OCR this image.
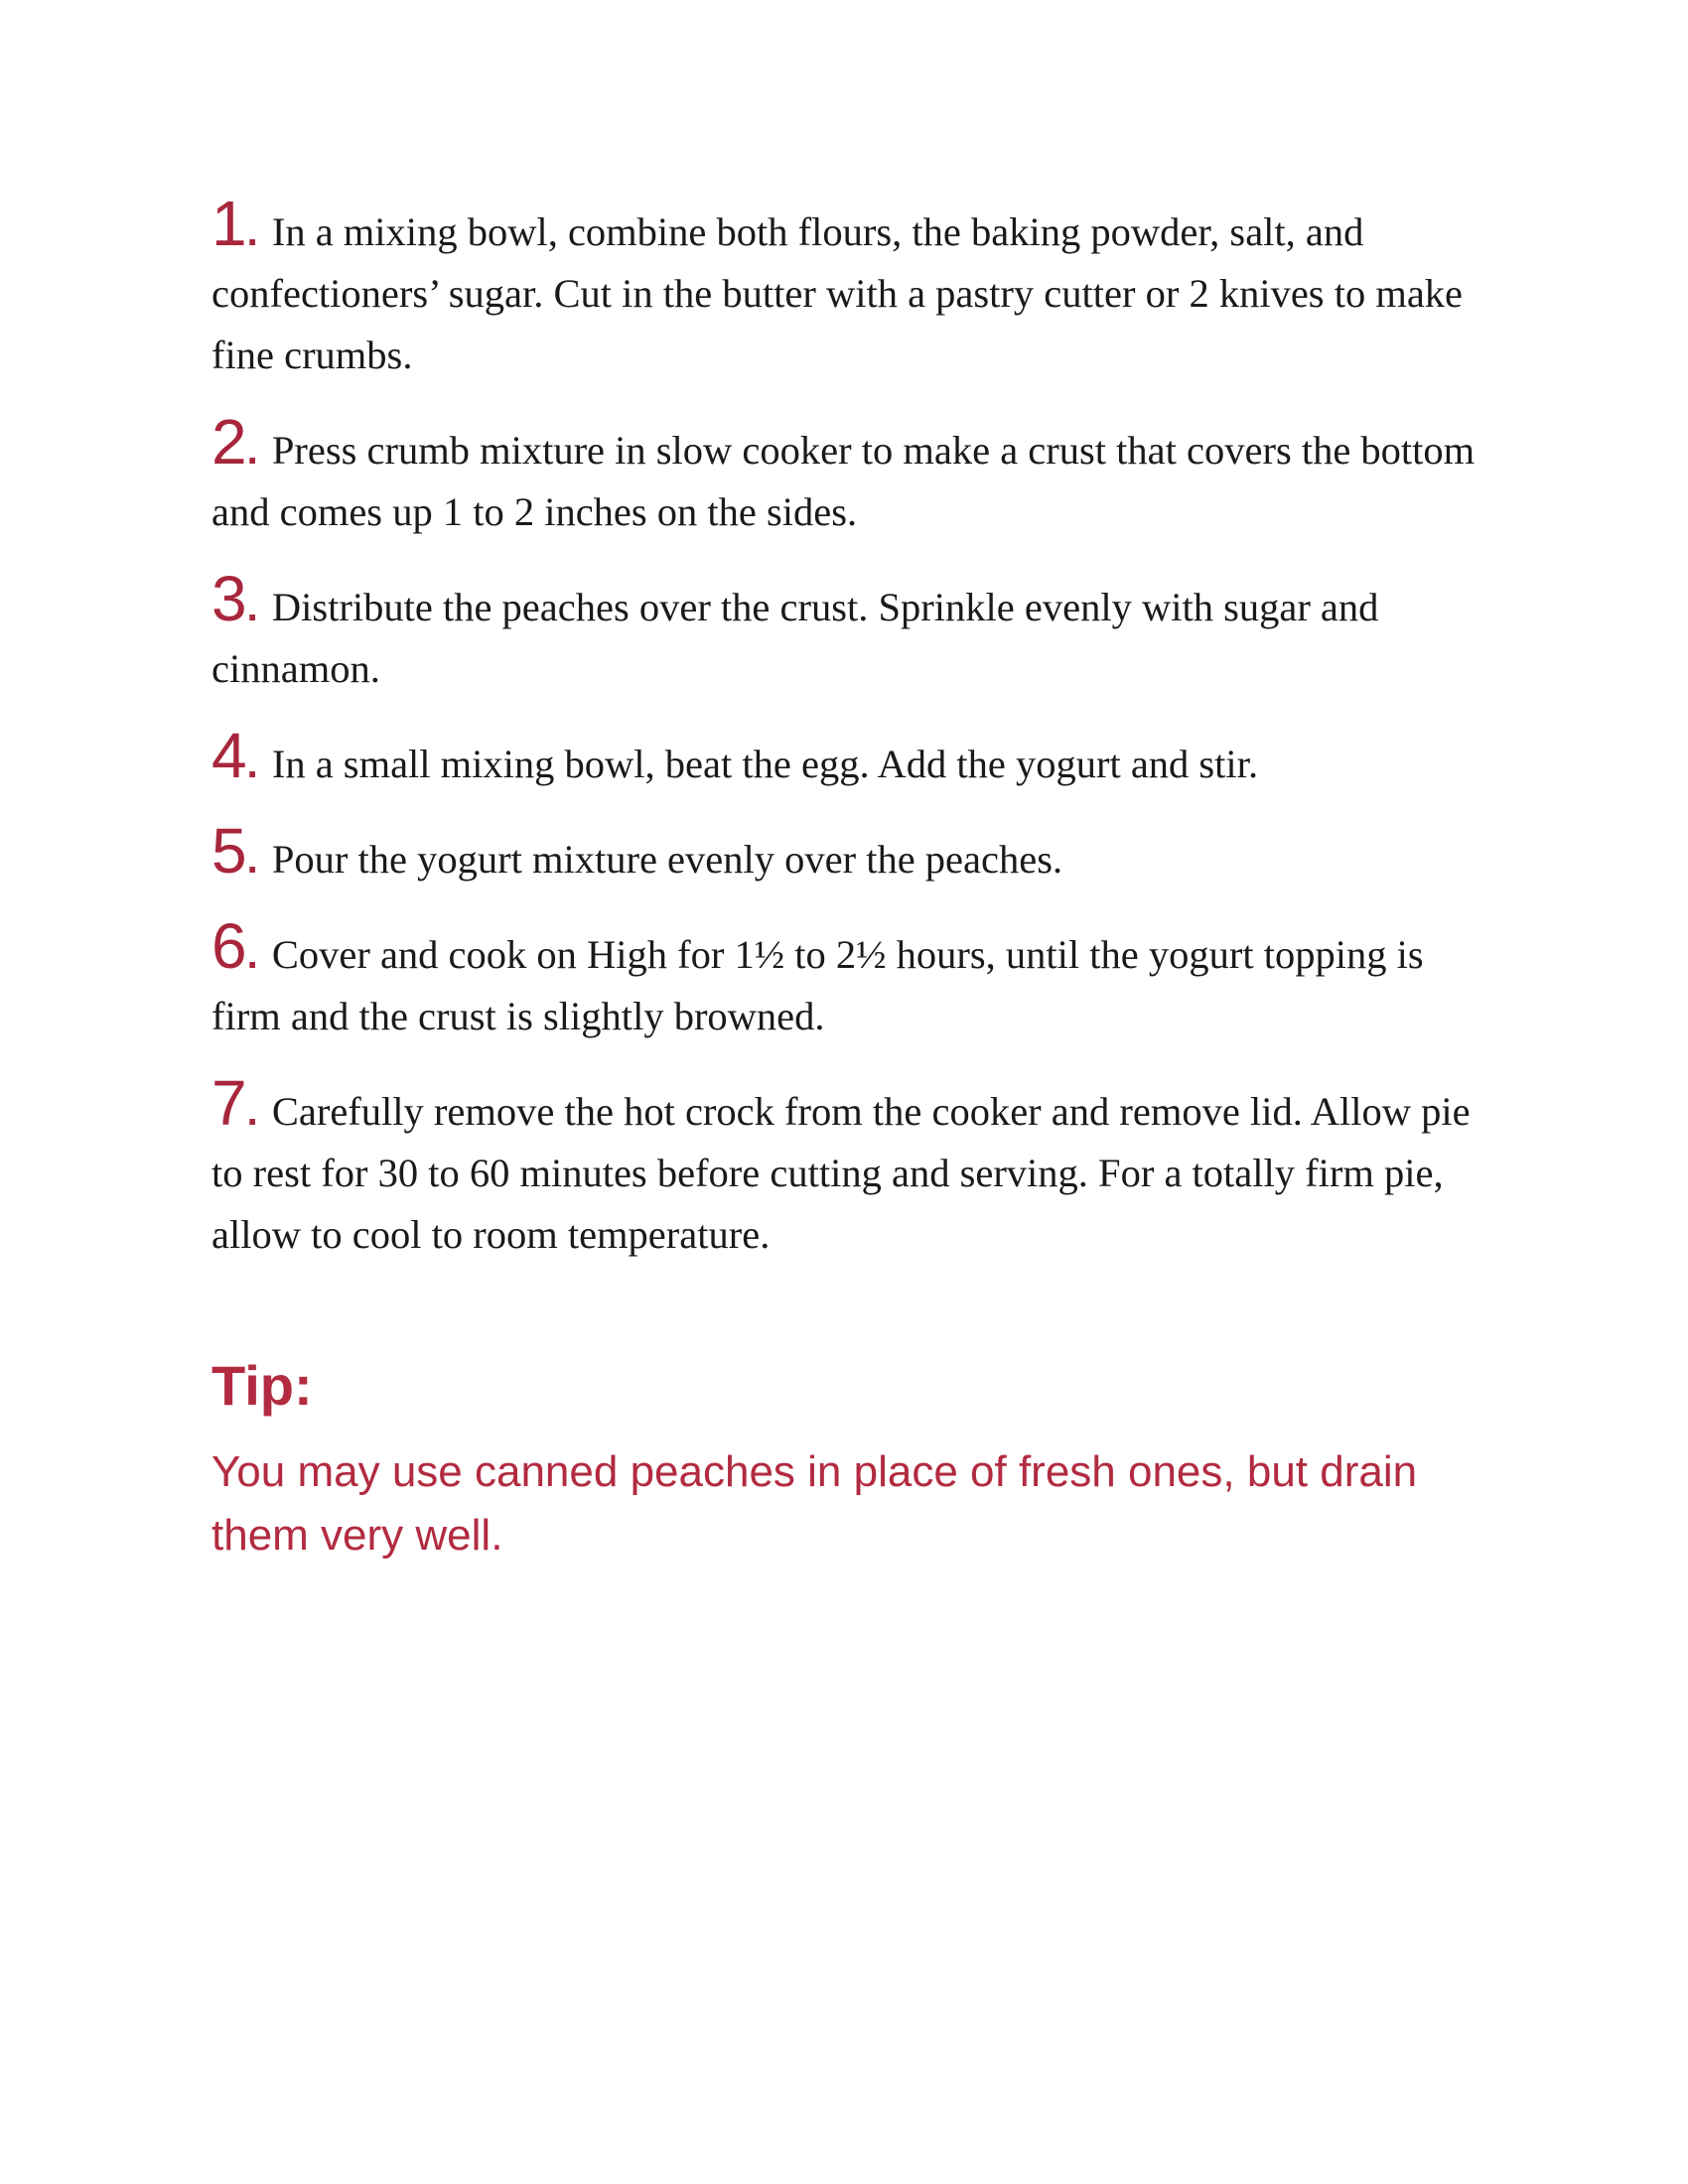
1. In a mixing bowl, combine both flours, the baking powder, salt, and confectioners’ sugar. Cut in the butter with a pastry cutter or 2 knives to make fine crumbs.

2. Press crumb mixture in slow cooker to make a crust that covers the bottom and comes up 1 to 2 inches on the sides.

3. Distribute the peaches over the crust. Sprinkle evenly with sugar and cinnamon.

4. In a small mixing bowl, beat the egg. Add the yogurt and stir.

5. Pour the yogurt mixture evenly over the peaches.

6. Cover and cook on High for 1½ to 2½ hours, until the yogurt topping is firm and the crust is slightly browned.

7. Carefully remove the hot crock from the cooker and remove lid. Allow pie to rest for 30 to 60 minutes before cutting and serving. For a totally firm pie, allow to cool to room temperature.

Tip:

You may use canned peaches in place of fresh ones, but drain them very well.
